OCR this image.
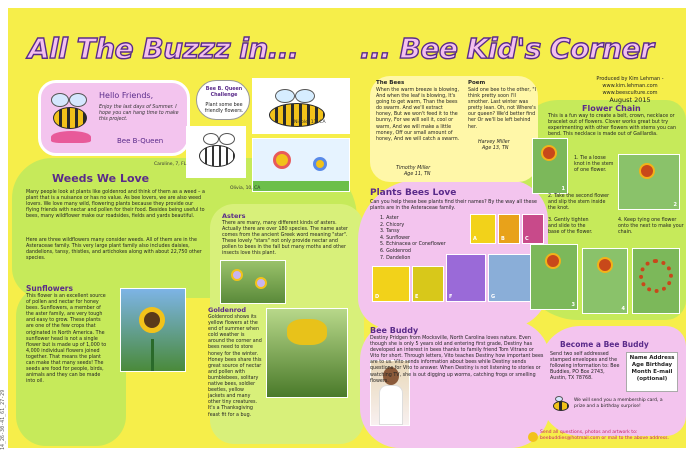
14_26-30-41_61_27-29
All The Buzzz in... ... Bee Kid's Corner
Produced by Kim Lehman - www.kim.lehman.com
www.beesculture.com
August 2015
Hello Friends,
Enjoy the last days of Summer. I hope you can hang time to make this project.
Bee B-Queen
Bee B. Queen Challenge
Plant some bee friendly flowers.
Nicole, 11, CA
Caroline, 7, FL
Olivia, 10, CA
Weeds We Love
Many people look at plants like goldenrod and think of them as a weed – a plant that is a nuisance or has no value. As bee lovers, we are also weed lovers. We love many wild, flowering plants because they provide our flying friends with nectar and pollen for their food. Besides being useful to bees, many wildflower make our roadsides, fields and yards beautiful.
Here are three wildflowers many consider weeds. All of them are in the Asteraceae family. This very large plant family also includes daisies, dandelions, tansy, thistles, and artichokes along with about 22,750 other species.
Sunflowers
This flower is an excellent source of pollen and nectar for honey bees. Sunflowers, a member of the aster family, are very tough and easy to grow. These plants are one of the few crops that originated in North America. The sunflower head is not a single flower but is made up of 1,000 to 4,000 individual flowers joined together. That means the plant can make that many seeds! The seeds are food for people, birds, animals and they can be made into oil.
Asters
There are many, many different kinds of asters. Actually there are over 180 species. The name aster comes from the ancient Greek word meaning "star". These lovely "stars" not only provide nectar and pollen to bees in the fall but many moths and other insects love this plant.
Goldenrod
Goldenrod shows its yellow flowers at the end of summer when cold weather is around the corner and bees need to store honey for the winter. Honey bees share this great source of nectar and pollen with bumblebees, solitary native bees, soldier beetles, yellow jackets and many other tiny creatures. It's a Thanksgiving feast fit for a bug.
The Bees
When the warm breeze is blowing, And when the leaf is blowing, It's going to get warm, Than the bees do swarm. And we'll extract honey, But we won't feed it to the bunny, For we will sell it, cool or warm, And we will make a little money, Off our small amount of honey, And we will catch a swarm.
Timothy Miller
Age 11, TN
Poem
Said one bee to the other, "I think pretty soon I'll smother. Last winter was pretty lean. Oh, not Where's our queen? We'd better find her Or we'll be left behind her.
Harvey Miller
Age 13, TN
Plants Bees Love
Can you help these bee plants find their names? By the way all these plants are in the Asteraceae family.
1. Aster
2. Chicory
3. Tansy
4. Sunflower
5. Echinacea or Coneflower
6. Goldenrod
7. Dandelion
A	B	C
D	E	F	G
Bee Buddy
Destiny Pridgen from Mocksville, North Carolina loves nature. Even though she is only 5 years old and entering first grade, Destiny has developed an interest in bees thanks to family friend Tom Vitrano or Vito for short. Through letters, Vito teaches Destiny how important bees are to us. Vito sends information about bees while Destiny sends questions for Vito to answer. When Destiny is not listening to stories or watching TV, she is out digging up worms, catching frogs or smelling flowers.
Flower Chain
This is a fun way to create a belt, crown, necklace or bracelet out of flowers. Clover works great but try experimenting with other flowers with stems you can bend. This necklace is made out of Gaillardia.
1
1. Tie a loose knot in the stem of one flower.
2
2. Take the second flower and slip the stem inside the knot.
3. Gently tighten and slide to the base of the flower.
4. Keep tying one flower onto the next to make your chain.
3
4
Become a Bee Buddy
Send two self addressed stamped envelopes and the following information to: Bee Buddies, PO Box 2743, Austin, TX 78768.
Name Address Age Birthday Month E-mail (optional)
We will send you a membership card, a prize and a birthday surprise!
Send all questions, photos and artwork to: beebuddies@hotmail.com or mail to the above address.
